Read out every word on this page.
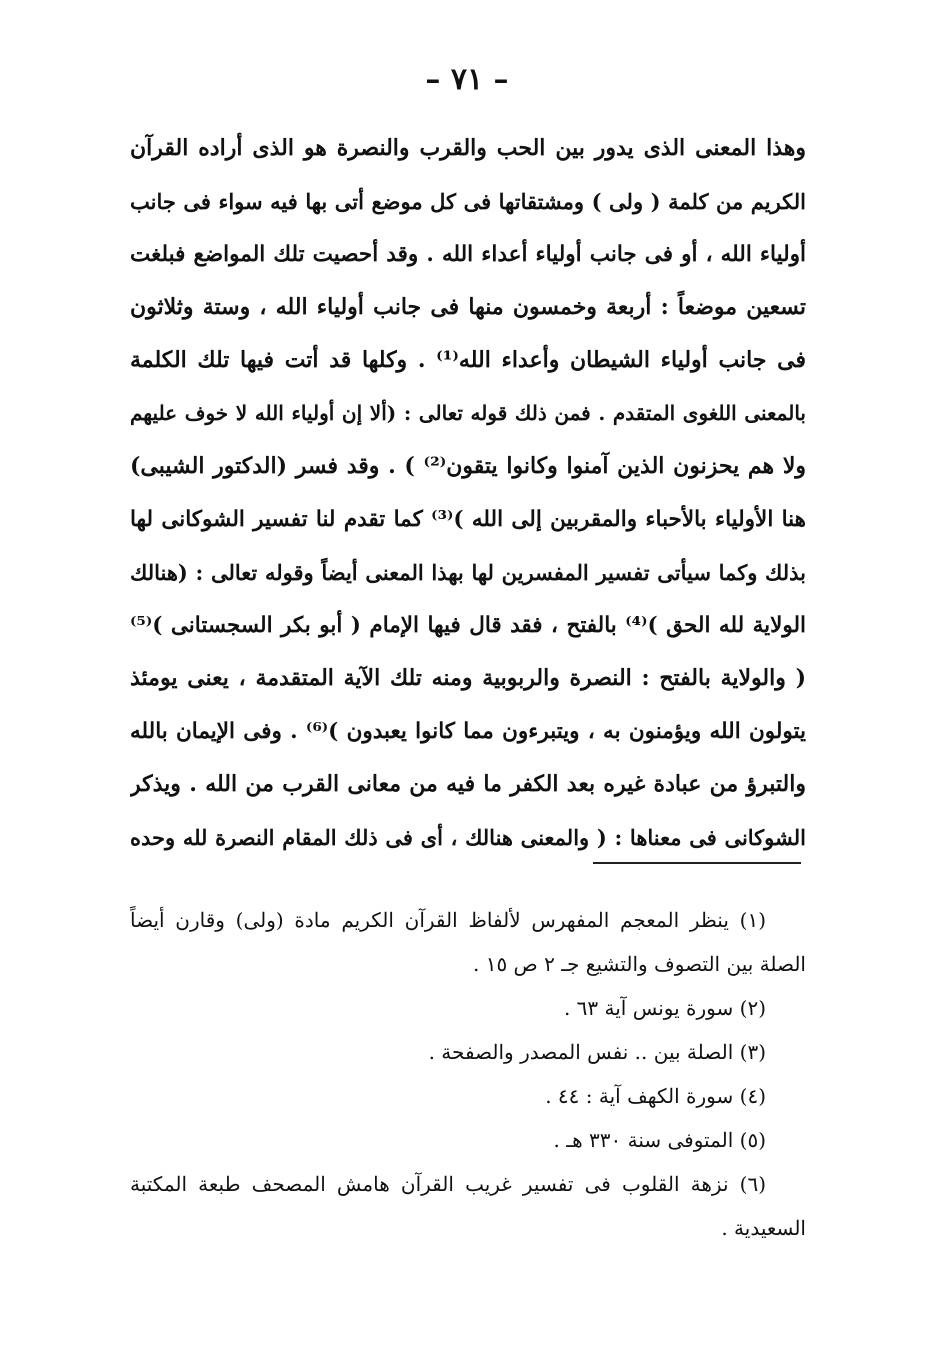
– ٧١ –
وهذا المعنى الذى يدور بين الحب والقرب والنصرة هو الذى أراده القرآن
الكريم من كلمة ( ولى ) ومشتقاتها فى كل موضع أتى بها فيه سواء فى جانب
أولياء الله ، أو فى جانب أولياء أعداء الله . وقد أحصيت تلك المواضع فبلغت
تسعين موضعاً : أربعة وخمسون منها فى جانب أولياء الله ، وستة وثلاثون
فى جانب أولياء الشيطان وأعداء الله⁽¹⁾ . وكلها قد أتت فيها تلك الكلمة
بالمعنى اللغوى المتقدم . فمن ذلك قوله تعالى : (ألا إن أولياء الله لا خوف عليهم
ولا هم يحزنون الذين آمنوا وكانوا يتقون⁽²⁾ ) . وقد فسر (الدكتور الشيبى)
هنا الأولياء بالأحباء والمقربين إلى الله )⁽³⁾ كما تقدم لنا تفسير الشوكانى لها
بذلك وكما سيأتى تفسير المفسرين لها بهذا المعنى أيضاً وقوله تعالى : (هنالك
الولاية لله الحق )⁽⁴⁾ بالفتح ، فقد قال فيها الإمام ( أبو بكر السجستانى )⁽⁵⁾
( والولاية بالفتح : النصرة والربوبية ومنه تلك الآية المتقدمة ، يعنى يومئذ
يتولون الله ويؤمنون به ، ويتبرءون مما كانوا يعبدون )⁽⁶⁾ . وفى الإيمان بالله
والتبرؤ من عبادة غيره بعد الكفر ما فيه من معانى القرب من الله . ويذكر
الشوكانى فى معناها : ( والمعنى هنالك ، أى فى ذلك المقام النصرة لله وحده
(١) ينظر المعجم المفهرس لألفاظ القرآن الكريم مادة (ولى) وقارن أيضاً
الصلة بين التصوف والتشيع جـ ٢ ص ١٥ .
(٢) سورة يونس آية ٦٣ .
(٣) الصلة بين .. نفس المصدر والصفحة .
(٤) سورة الكهف آية : ٤٤ .
(٥) المتوفى سنة ٣٣٠ هـ .
(٦) نزهة القلوب فى تفسير غريب القرآن هامش المصحف طبعة المكتبة
السعيدية .
